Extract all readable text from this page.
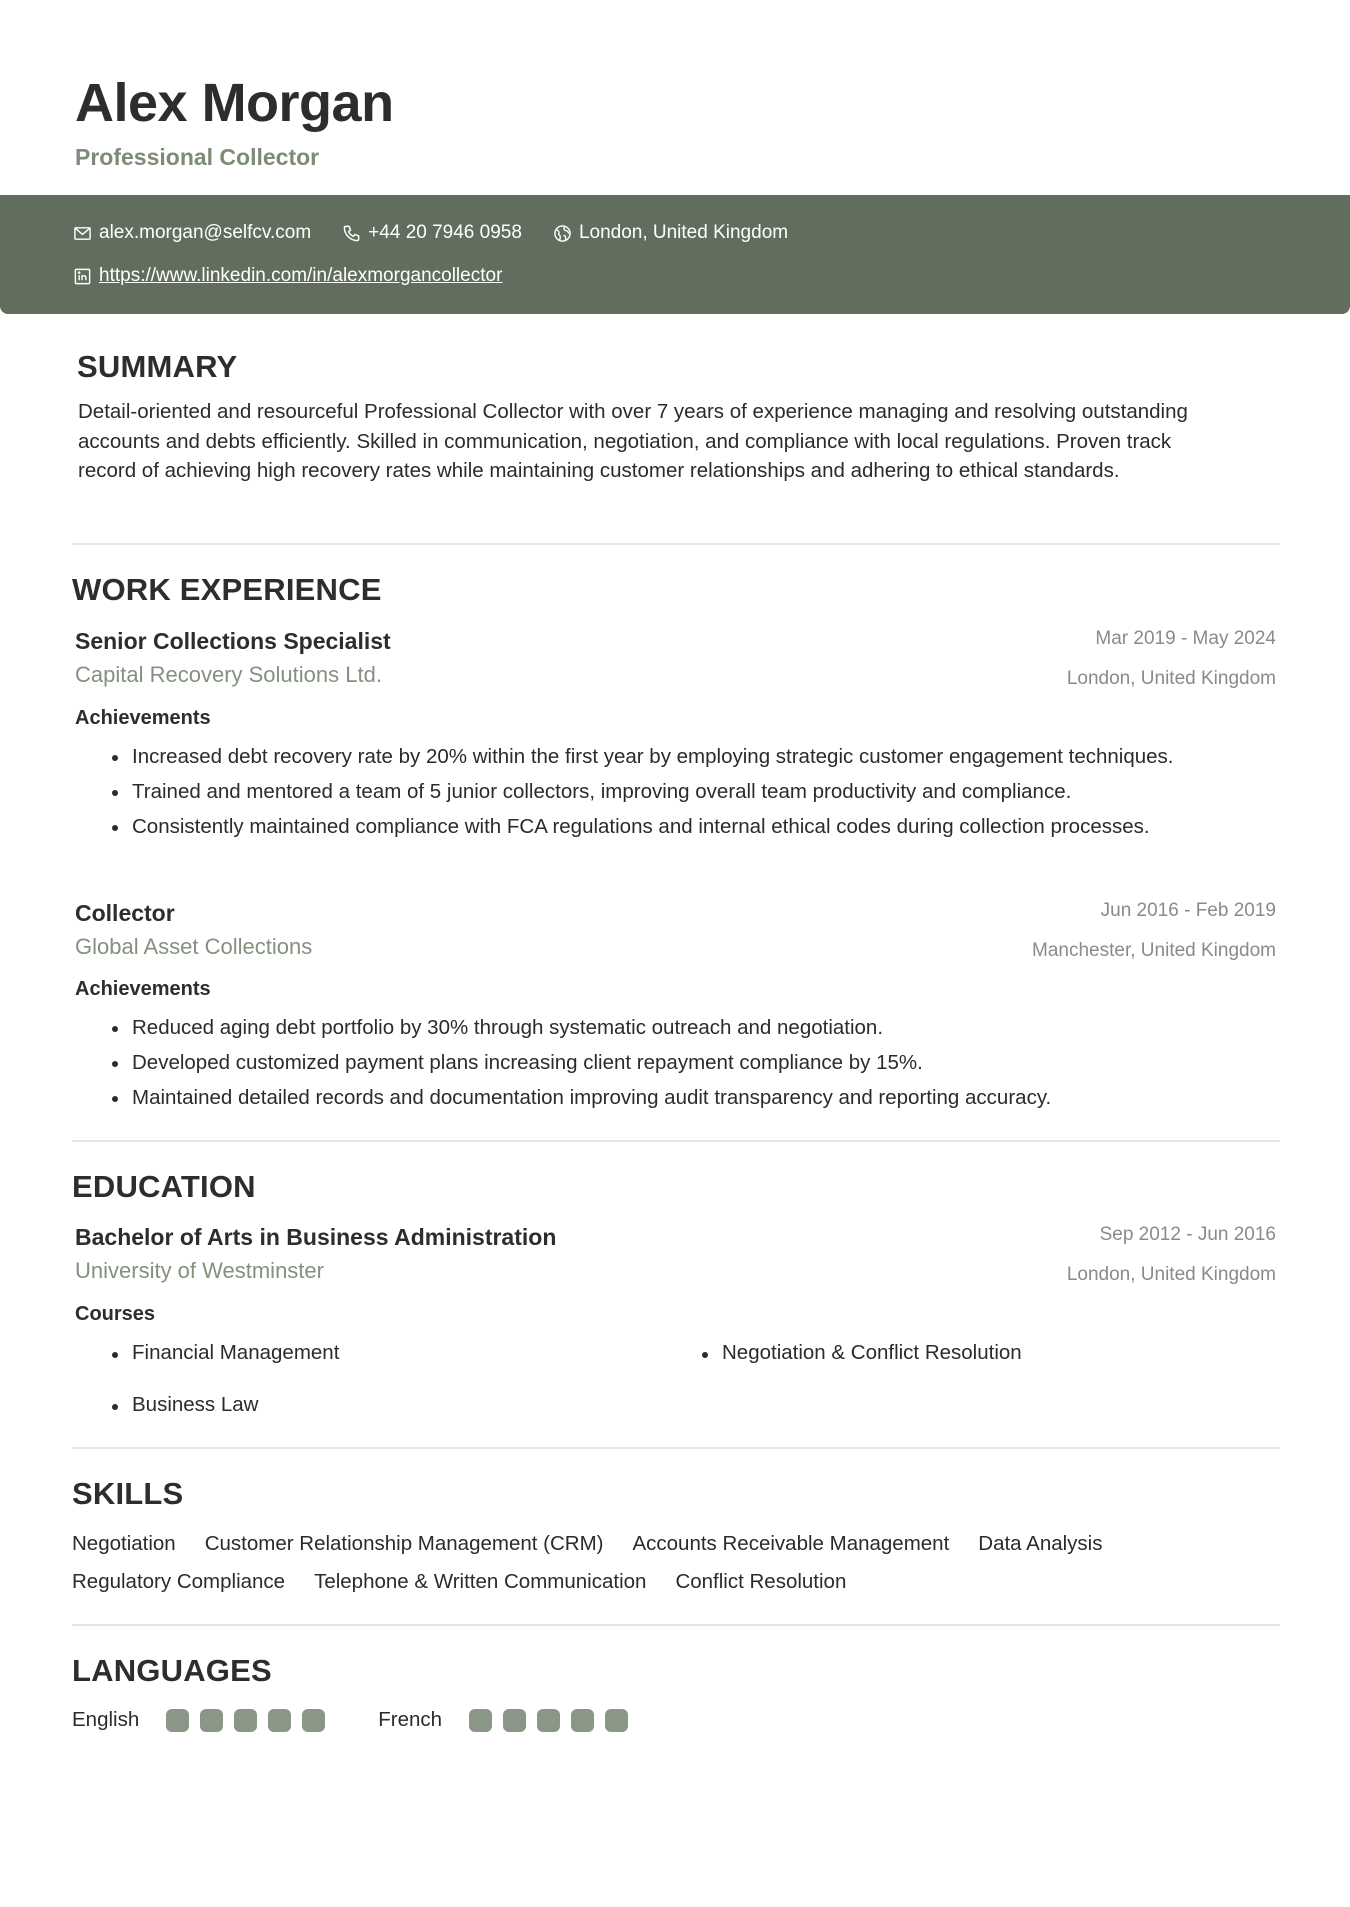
Alex Morgan
Professional Collector
alex.morgan@selfcv.com	+44 20 7946 0958	London, United Kingdom
https://www.linkedin.com/in/alexmorgancollector
SUMMARY
Detail-oriented and resourceful Professional Collector with over 7 years of experience managing and resolving outstanding accounts and debts efficiently. Skilled in communication, negotiation, and compliance with local regulations. Proven track record of achieving high recovery rates while maintaining customer relationships and adhering to ethical standards.
WORK EXPERIENCE
Senior Collections Specialist
Capital Recovery Solutions Ltd.
Mar 2019 - May 2024
London, United Kingdom
Achievements
Increased debt recovery rate by 20% within the first year by employing strategic customer engagement techniques.
Trained and mentored a team of 5 junior collectors, improving overall team productivity and compliance.
Consistently maintained compliance with FCA regulations and internal ethical codes during collection processes.
Collector
Global Asset Collections
Jun 2016 - Feb 2019
Manchester, United Kingdom
Achievements
Reduced aging debt portfolio by 30% through systematic outreach and negotiation.
Developed customized payment plans increasing client repayment compliance by 15%.
Maintained detailed records and documentation improving audit transparency and reporting accuracy.
EDUCATION
Bachelor of Arts in Business Administration
University of Westminster
Sep 2012 - Jun 2016
London, United Kingdom
Courses
Financial Management	Negotiation & Conflict Resolution
Business Law
SKILLS
Negotiation Customer Relationship Management (CRM) Accounts Receivable Management Data Analysis
Regulatory Compliance Telephone & Written Communication Conflict Resolution
LANGUAGES
English	French
